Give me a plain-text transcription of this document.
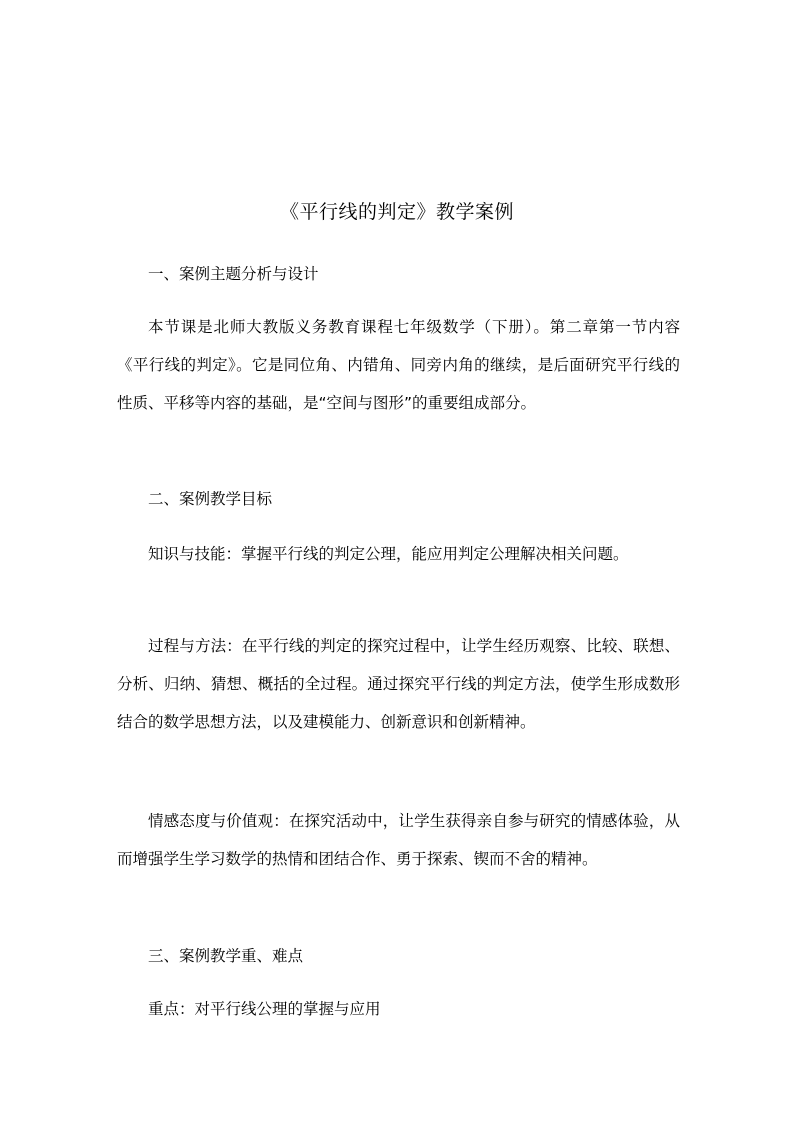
《平行线的判定》教学案例

一、案例主题分析与设计

本节课是北师大教版义务教育课程七年级数学（下册）。第二章第一节内容《平行线的判定》。它是同位角、内错角、同旁内角的继续，是后面研究平行线的性质、平移等内容的基础，是“空间与图形”的重要组成部分。

二、案例教学目标

知识与技能：掌握平行线的判定公理，能应用判定公理解决相关问题。

过程与方法：在平行线的判定的探究过程中，让学生经历观察、比较、联想、分析、归纳、猜想、概括的全过程。通过探究平行线的判定方法，使学生形成数形结合的数学思想方法，以及建模能力、创新意识和创新精神。

情感态度与价值观：在探究活动中，让学生获得亲自参与研究的情感体验，从而增强学生学习数学的热情和团结合作、勇于探索、锲而不舍的精神。

三、案例教学重、难点

重点：对平行线公理的掌握与应用
